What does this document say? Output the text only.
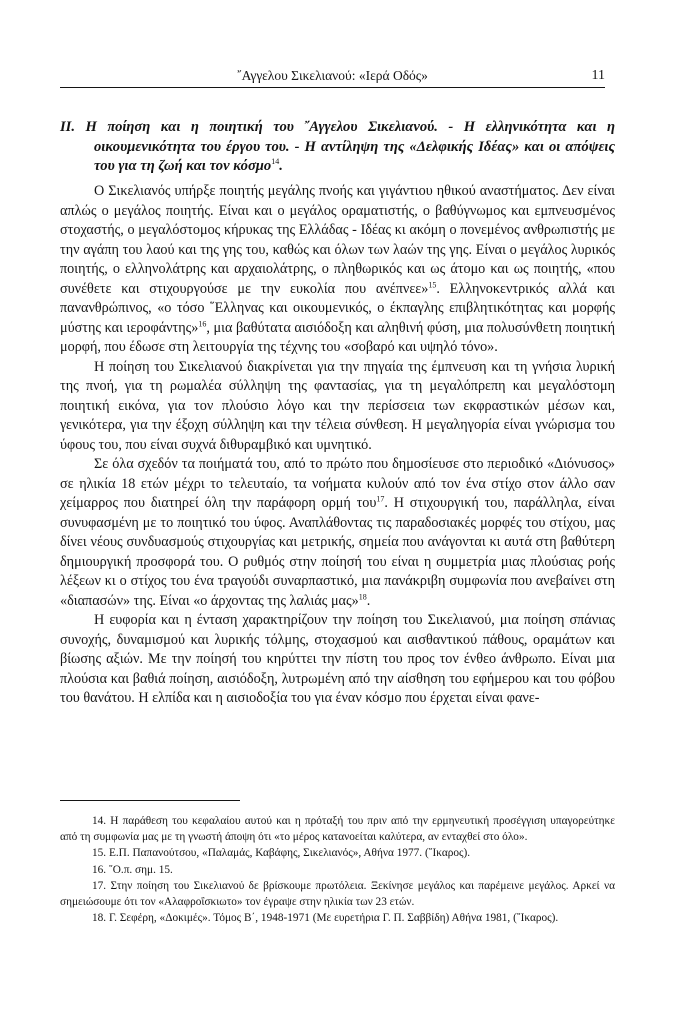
῎Αγγελου Σικελιανού: «Ιερά Οδός»	11
ΙΙ. Η ποίηση και η ποιητική του ῎Αγγελου Σικελιανού. - Η ελληνικότητα και η οικουμενικότητα του έργου του. - Η αντίληψη της «Δελφικής Ιδέας» και οι απόψεις του για τη ζωή και τον κόσμο$^{14}$.

Ο Σικελιανός υπήρξε ποιητής μεγάλης πνοής και γιγάντιου ηθικού αναστήματος. Δεν είναι απλώς ο μεγάλος ποιητής. Είναι και ο μεγάλος οραματιστής, ο βαθύγνωμος και εμπνευσμένος στοχαστής, ο μεγαλόστομος κήρυκας της Ελλάδας - Ιδέας κι ακόμη ο πονεμένος ανθρωπιστής με την αγάπη του λαού και της γης του, καθώς και όλων των λαών της γης. Είναι ο μεγάλος λυρικός ποιητής, ο ελληνολάτρης και αρχαιολάτρης, ο πληθωρικός και ως άτομο και ως ποιητής, «που συνέθετε και στιχουργούσε με την ευκολία που ανέπνεε»$^{15}$. Ελληνοκεντρικός αλλά και πανανθρώπινος, «ο τόσο ῞Ελληνας και οικουμενικός, ο έκπαγλης επιβλητικότητας και μορφής μύστης και ιεροφάντης»$^{16}$, μια βαθύτατα αισιόδοξη και αληθινή φύση, μια πολυσύνθετη ποιητική μορφή, που έδωσε στη λειτουργία της τέχνης του «σοβαρό και υψηλό τόνο».

Η ποίηση του Σικελιανού διακρίνεται για την πηγαία της έμπνευση και τη γνήσια λυρική της πνοή, για τη ρωμαλέα σύλληψη της φαντασίας, για τη μεγαλόπρεπη και μεγαλόστομη ποιητική εικόνα, για τον πλούσιο λόγο και την περίσσεια των εκφραστικών μέσων και, γενικότερα, για την έξοχη σύλληψη και την τέλεια σύνθεση. Η μεγαληγορία είναι γνώρισμα του ύφους του, που είναι συχνά διθυραμβικό και υμνητικό.

Σε όλα σχεδόν τα ποιήματά του, από το πρώτο που δημοσίευσε στο περιοδικό «Διόνυσος» σε ηλικία 18 ετών μέχρι το τελευταίο, τα νοήματα κυλούν από τον ένα στίχο στον άλλο σαν χείμαρρος που διατηρεί όλη την παράφορη ορμή του$^{17}$. Η στιχουργική του, παράλληλα, είναι συνυφασμένη με το ποιητικό του ύφος. Αναπλάθοντας τις παραδοσιακές μορφές του στίχου, μας δίνει νέους συνδυασμούς στιχουργίας και μετρικής, σημεία που ανάγονται κι αυτά στη βαθύτερη δημιουργική προσφορά του. Ο ρυθμός στην ποίησή του είναι η συμμετρία μιας πλούσιας ροής λέξεων κι ο στίχος του ένα τραγούδι συναρπαστικό, μια πανάκριβη συμφωνία που ανεβαίνει στη «διαπασών» της. Είναι «ο άρχοντας της λαλιάς μας»$^{18}$.

Η ευφορία και η ένταση χαρακτηρίζουν την ποίηση του Σικελιανού, μια ποίηση σπάνιας συνοχής, δυναμισμού και λυρικής τόλμης, στοχασμού και αισθαντικού πάθους, οραμάτων και βίωσης αξιών. Με την ποίησή του κηρύττει την πίστη του προς τον ένθεο άνθρωπο. Είναι μια πλούσια και βαθιά ποίηση, αισιόδοξη, λυτρωμένη από την αίσθηση του εφήμερου και του φόβου του θανάτου. Η ελπίδα και η αισιοδοξία του για έναν κόσμο που έρχεται είναι φανε-

14. Η παράθεση του κεφαλαίου αυτού και η πρόταξή του πριν από την ερμηνευτική προσέγγιση υπαγορεύτηκε από τη συμφωνία μας με τη γνωστή άποψη ότι «το μέρος κατανοείται καλύτερα, αν ενταχθεί στο όλο».

15. Ε.Π. Παπανούτσου, «Παλαμάς, Καβάφης, Σικελιανός», Αθήνα 1977. (῎Ικαρος).

16. ῞Ο.π. σημ. 15.

17. Στην ποίηση του Σικελιανού δε βρίσκουμε πρωτόλεια. Ξεκίνησε μεγάλος και παρέμεινε μεγάλος. Αρκεί να σημειώσουμε ότι τον «Αλαφροΐσκιωτο» τον έγραψε στην ηλικία των 23 ετών.

18. Γ. Σεφέρη, «Δοκιμές». Τόμος Β΄, 1948-1971 (Με ευρετήρια Γ. Π. Σαββίδη) Αθήνα 1981, (῎Ικαρος).
